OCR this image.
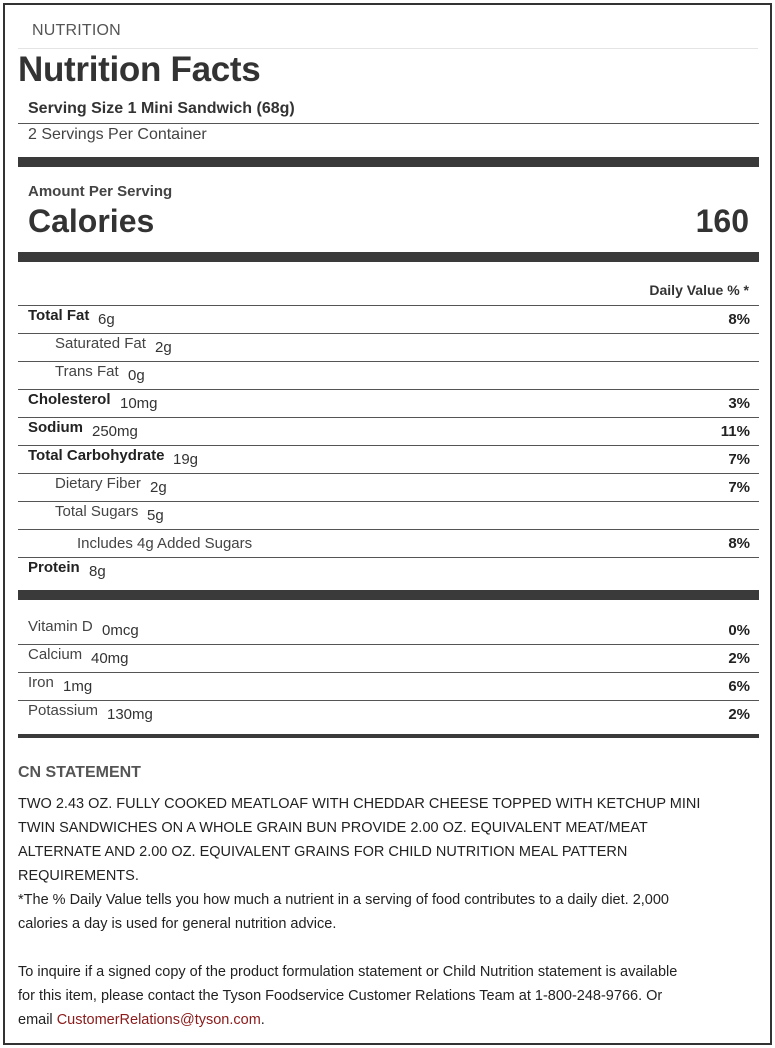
NUTRITION
Nutrition Facts
Serving Size 1 Mini Sandwich (68g)
2 Servings Per Container
Amount Per Serving
Calories	160
Daily Value % *
Total Fat 6g	8%
Saturated Fat 2g
Trans Fat 0g
Cholesterol 10mg	3%
Sodium 250mg	11%
Total Carbohydrate 19g	7%
Dietary Fiber 2g	7%
Total Sugars 5g
Includes 4g Added Sugars	8%
Protein 8g
Vitamin D 0mcg	0%
Calcium 40mg	2%
Iron 1mg	6%
Potassium 130mg	2%
CN STATEMENT
TWO 2.43 OZ. FULLY COOKED MEATLOAF WITH CHEDDAR CHEESE TOPPED WITH KETCHUP MINI
TWIN SANDWICHES ON A WHOLE GRAIN BUN PROVIDE 2.00 OZ. EQUIVALENT MEAT/MEAT
ALTERNATE AND 2.00 OZ. EQUIVALENT GRAINS FOR CHILD NUTRITION MEAL PATTERN
REQUIREMENTS.
*The % Daily Value tells you how much a nutrient in a serving of food contributes to a daily diet. 2,000
calories a day is used for general nutrition advice.
To inquire if a signed copy of the product formulation statement or Child Nutrition statement is available
for this item, please contact the Tyson Foodservice Customer Relations Team at 1-800-248-9766. Or
email CustomerRelations@tyson.com.
